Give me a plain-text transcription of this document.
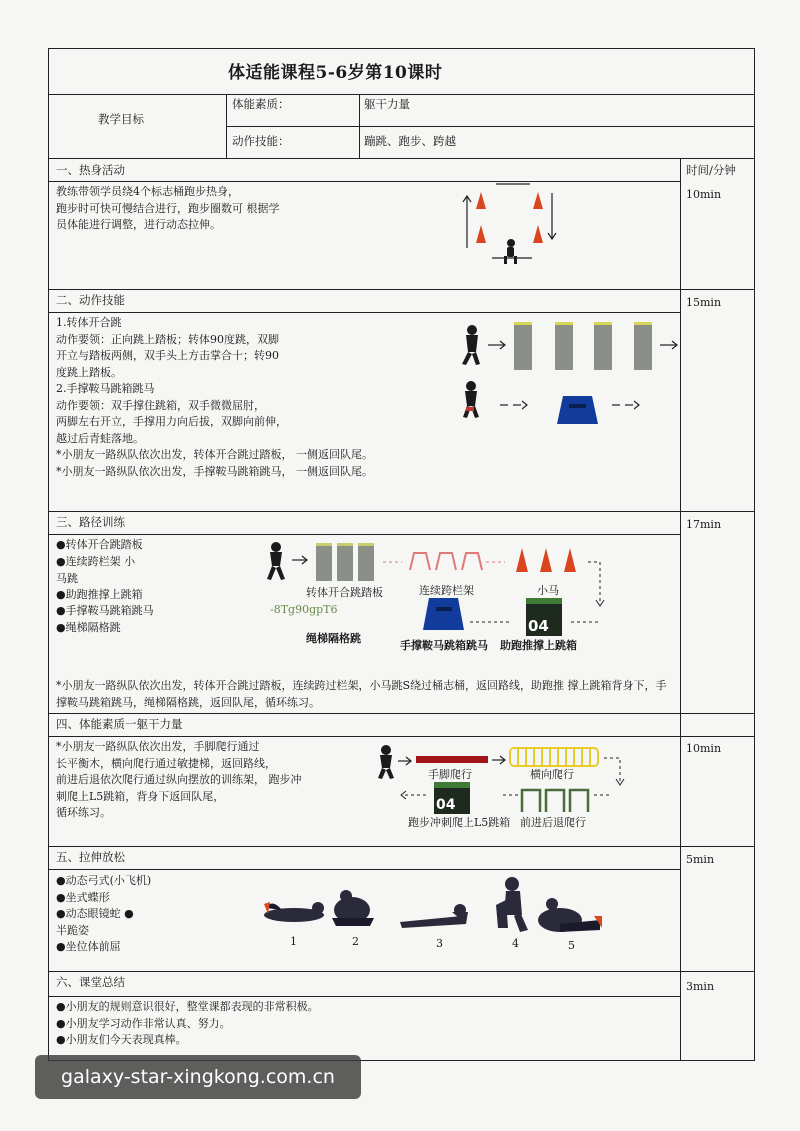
体适能课程5-6岁第10课时
教学目标
体能素质：	躯干力量
动作技能：	蹦跳、跑步、跨越
时间/分钟
一、热身活动
10min
教练带领学员绕4个标志桶跑步热身，
跑步时可快可慢结合进行，跑步圈数可 根据学
员体能进行调整，进行动态拉伸。
二、动作技能	15min
1.转体开合跳
动作要领：正向跳上踏板；转体90度跳，双脚
开立与踏板两侧，双手头上方击掌合十；转90
度跳上踏板。
2.手撑鞍马跳箱跳马
动作要领：双手撑住跳箱，双手微微屈肘，
两脚左右开立，手撑用力向后拔，双脚向前伸，
越过后青蛙落地。
*小朋友一路纵队依次出发，转体开合跳过踏板， 一侧返回队尾。
*小朋友一路纵队依次出发，手撑鞍马跳箱跳马， 一侧返回队尾。
三、路径训练	17min
●转体开合跳踏板
●连续跨栏架 小
马跳
●助跑推撑上跳箱
●手撑鞍马跳箱跳马
●绳梯隔格跳
*小朋友一路纵队依次出发，转体开合跳过踏板，连续跨过栏架，小马跳S绕过桶志桶，返回路线，助跑推 撑上跳箱背身下，手撑鞍马跳箱跳马，绳梯隔格跳，返回队尾，循环练习。
转体开合跳踏板	连续跨栏架	小马
-8Tg90gpT6
绳梯隔格跳
手撑鞍马跳箱跳马 助跑推撑上跳箱
04
四、体能素质一躯干力量
10min
*小朋友一路纵队依次出发，手脚爬行通过
长平衡木，横向爬行通过敏捷梯，返回路线，
前进后退依次爬行通过纵向摆放的训练架， 跑步冲
刺爬上L5跳箱，背身下返回队尾，
循环练习。
手脚爬行	横向爬行
跑步冲刺爬上L5跳箱 前进后退爬行
04
五、拉伸放松	5min
●动态弓式(小飞机)
●坐式蝶形
●动态眼镜蛇 ●
半跪姿
●坐位体前屈	1	2	3	4	5
六、课堂总结	3min
●小朋友的规则意识很好，整堂课都表现的非常积极。
●小朋友学习动作非常认真、努力。
●小朋友们今天表现真棒。
galaxy-star-xingkong.com.cn
